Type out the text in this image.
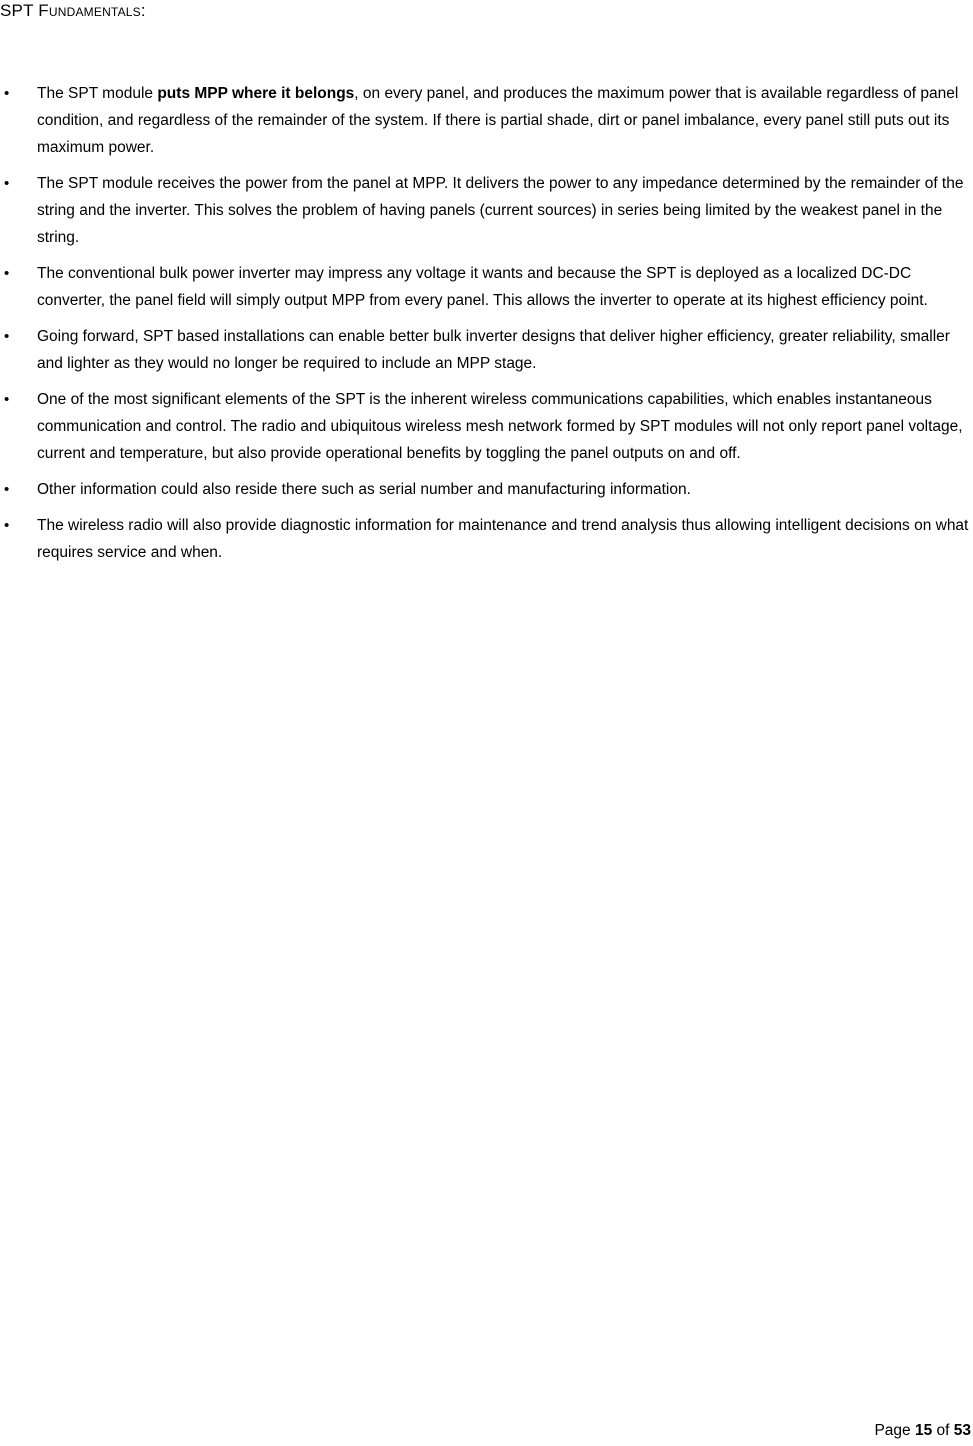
SPT Fundamentals:
•	The SPT module puts MPP where it belongs, on every panel, and produces the maximum power that is available regardless of panel condition, and regardless of the remainder of the system. If there is partial shade, dirt or panel imbalance, every panel still puts out its maximum power.
•	The SPT module receives the power from the panel at MPP. It delivers the power to any impedance determined by the remainder of the string and the inverter. This solves the problem of having panels (current sources) in series being limited by the weakest panel in the string.
•	The conventional bulk power inverter may impress any voltage it wants and because the SPT is deployed as a localized DC-DC converter, the panel field will simply output MPP from every panel. This allows the inverter to operate at its highest efficiency point.
•	Going forward, SPT based installations can enable better bulk inverter designs that deliver higher efficiency, greater reliability, smaller and lighter as they would no longer be required to include an MPP stage.
•	One of the most significant elements of the SPT is the inherent wireless communications capabilities, which enables instantaneous communication and control. The radio and ubiquitous wireless mesh network formed by SPT modules will not only report panel voltage, current and temperature, but also provide operational benefits by toggling the panel outputs on and off.
•	Other information could also reside there such as serial number and manufacturing information.
•	The wireless radio will also provide diagnostic information for maintenance and trend analysis thus allowing intelligent decisions on what requires service and when.
Page 15 of 53
